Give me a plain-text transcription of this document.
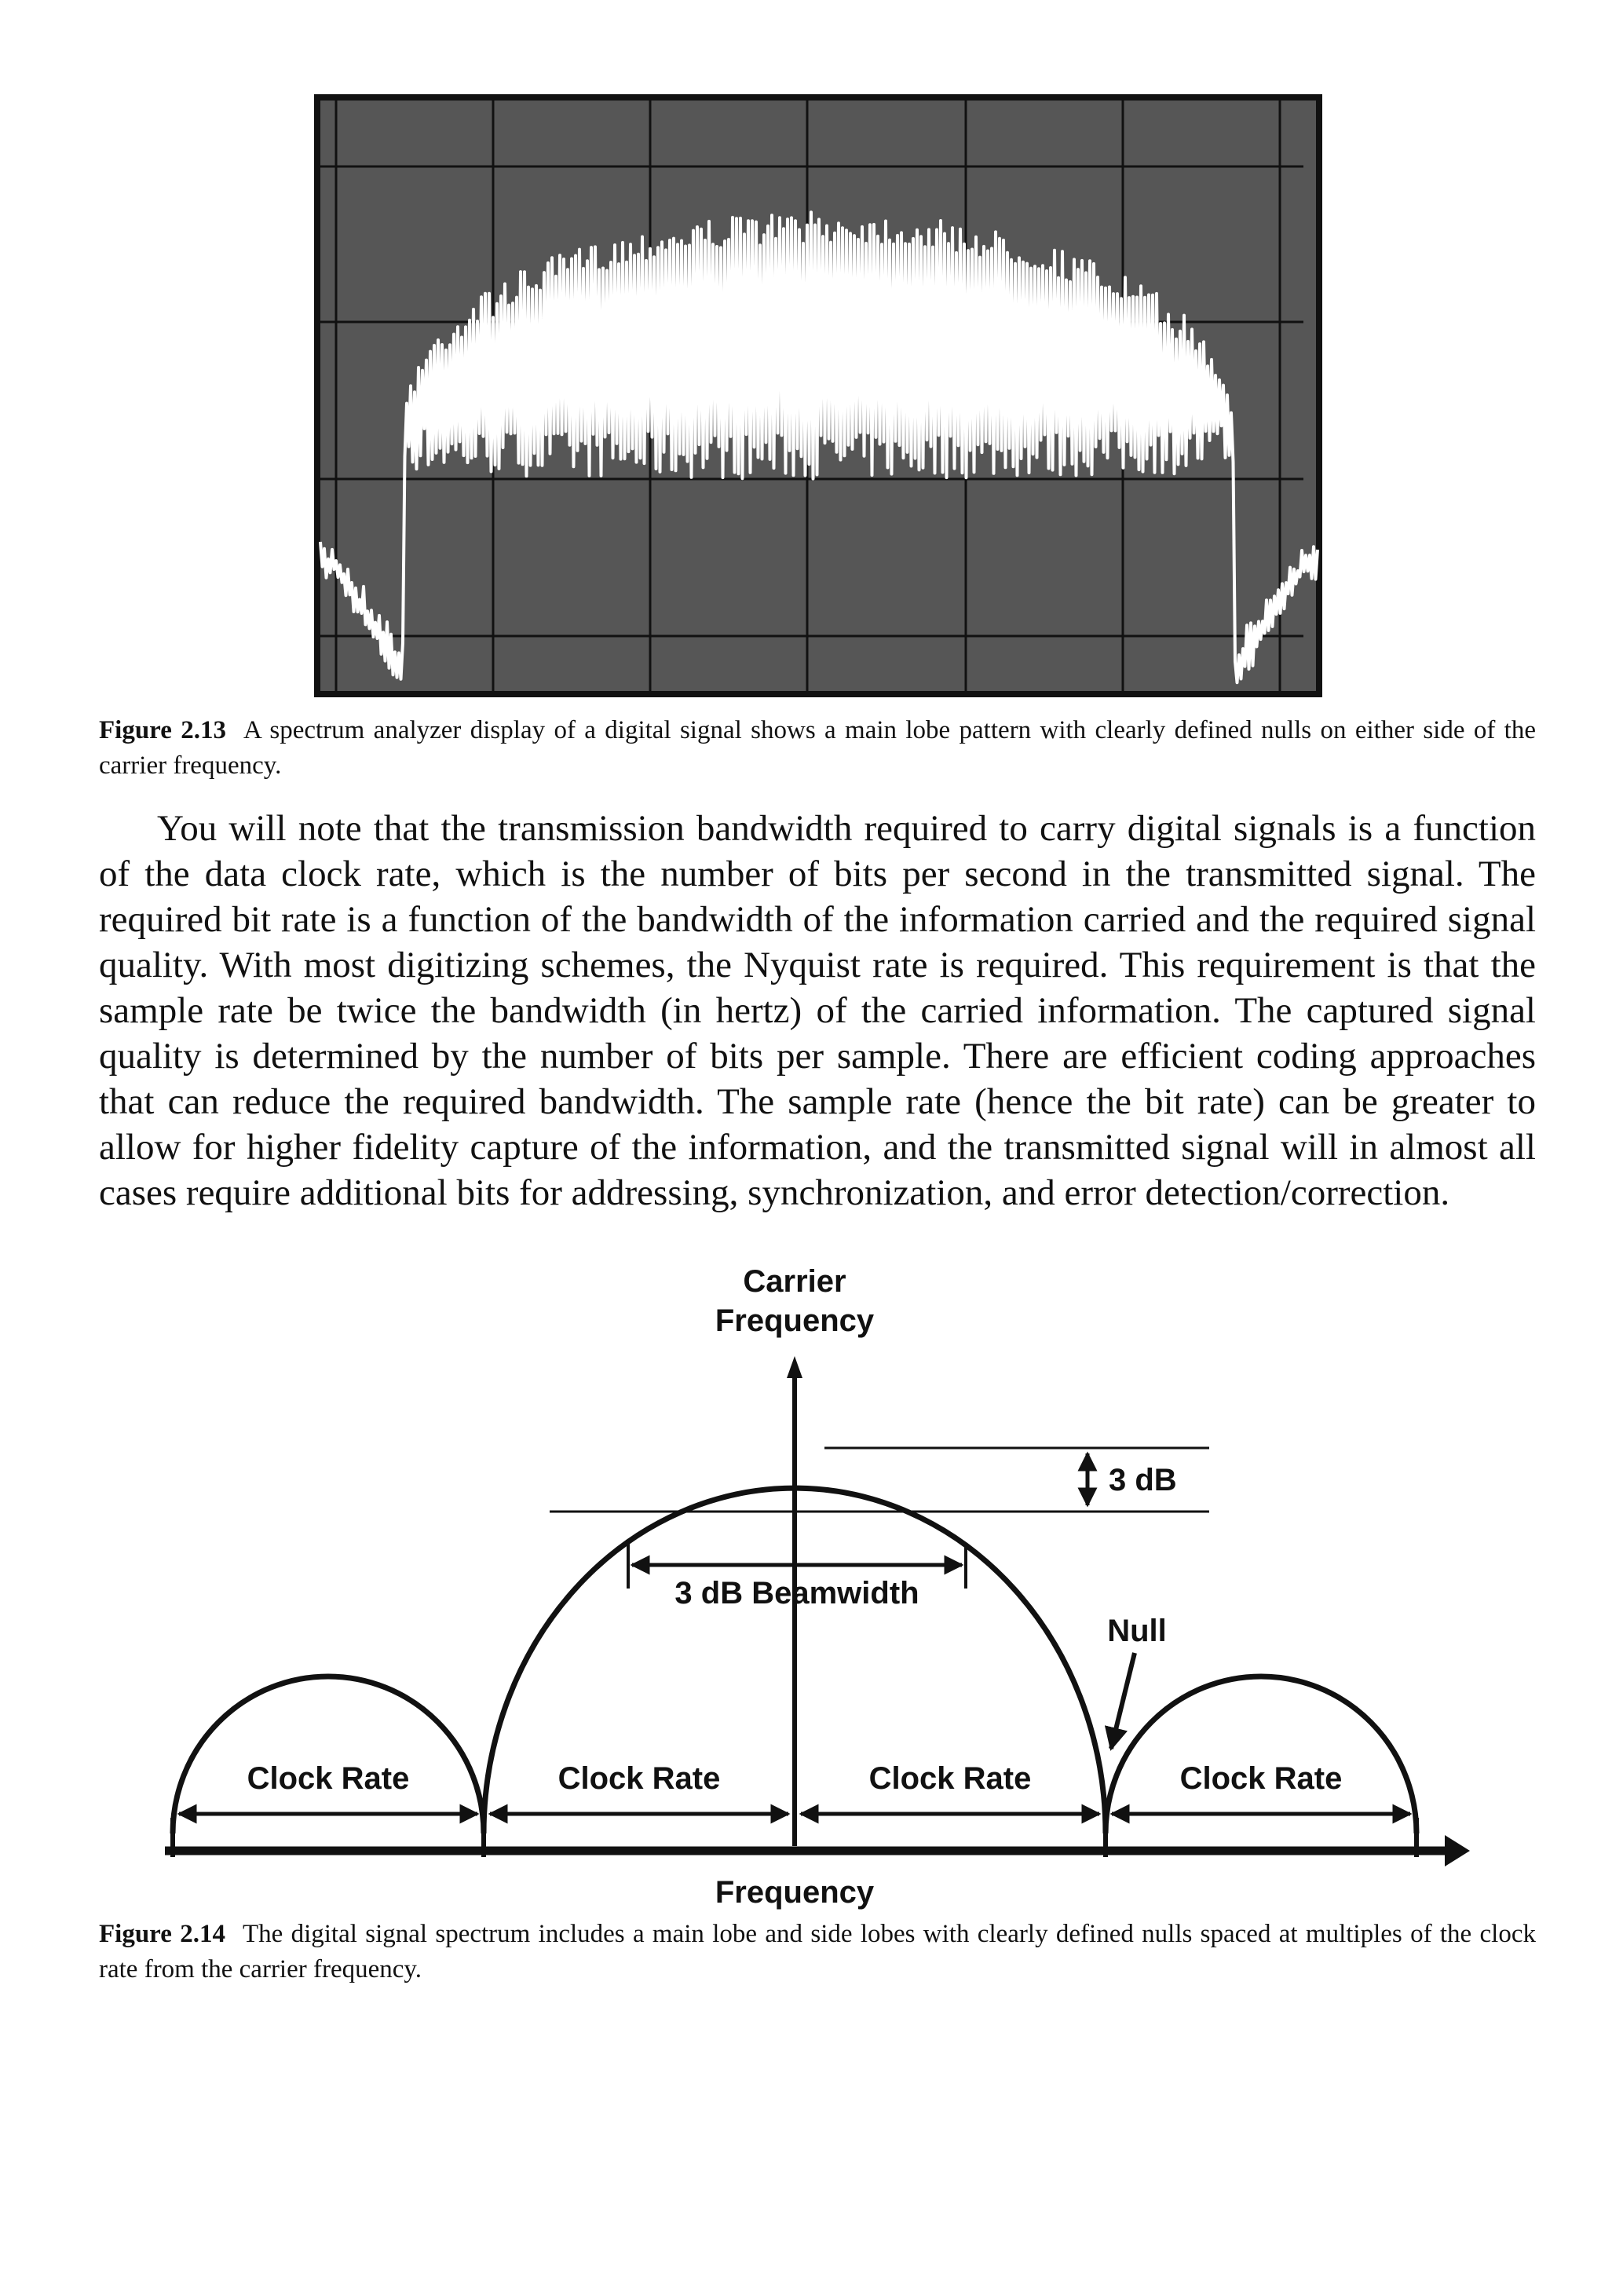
Figure 2.13 A spectrum analyzer display of a digital signal shows a main lobe pattern with clearly defined nulls on either side of the carrier frequency.

You will note that the transmission bandwidth required to carry digital signals is a function of the data clock rate, which is the number of bits per second in the transmitted signal. The required bit rate is a function of the bandwidth of the information carried and the required signal quality. With most digitizing schemes, the Nyquist rate is required. This requirement is that the sample rate be twice the bandwidth (in hertz) of the carried information. The captured signal quality is determined by the number of bits per sample. There are efficient coding approaches that can reduce the required bandwidth. The sample rate (hence the bit rate) can be greater to allow for higher fidelity capture of the information, and the transmitted signal will in almost all cases require additional bits for addressing, synchronization, and error detection/correction.

Carrier
Frequency
3 dB
3 dB Beamwidth
Null
Clock Rate	Clock Rate	Clock Rate	Clock Rate
Frequency
Figure 2.14 The digital signal spectrum includes a main lobe and side lobes with clearly defined nulls spaced at multiples of the clock rate from the carrier frequency.
